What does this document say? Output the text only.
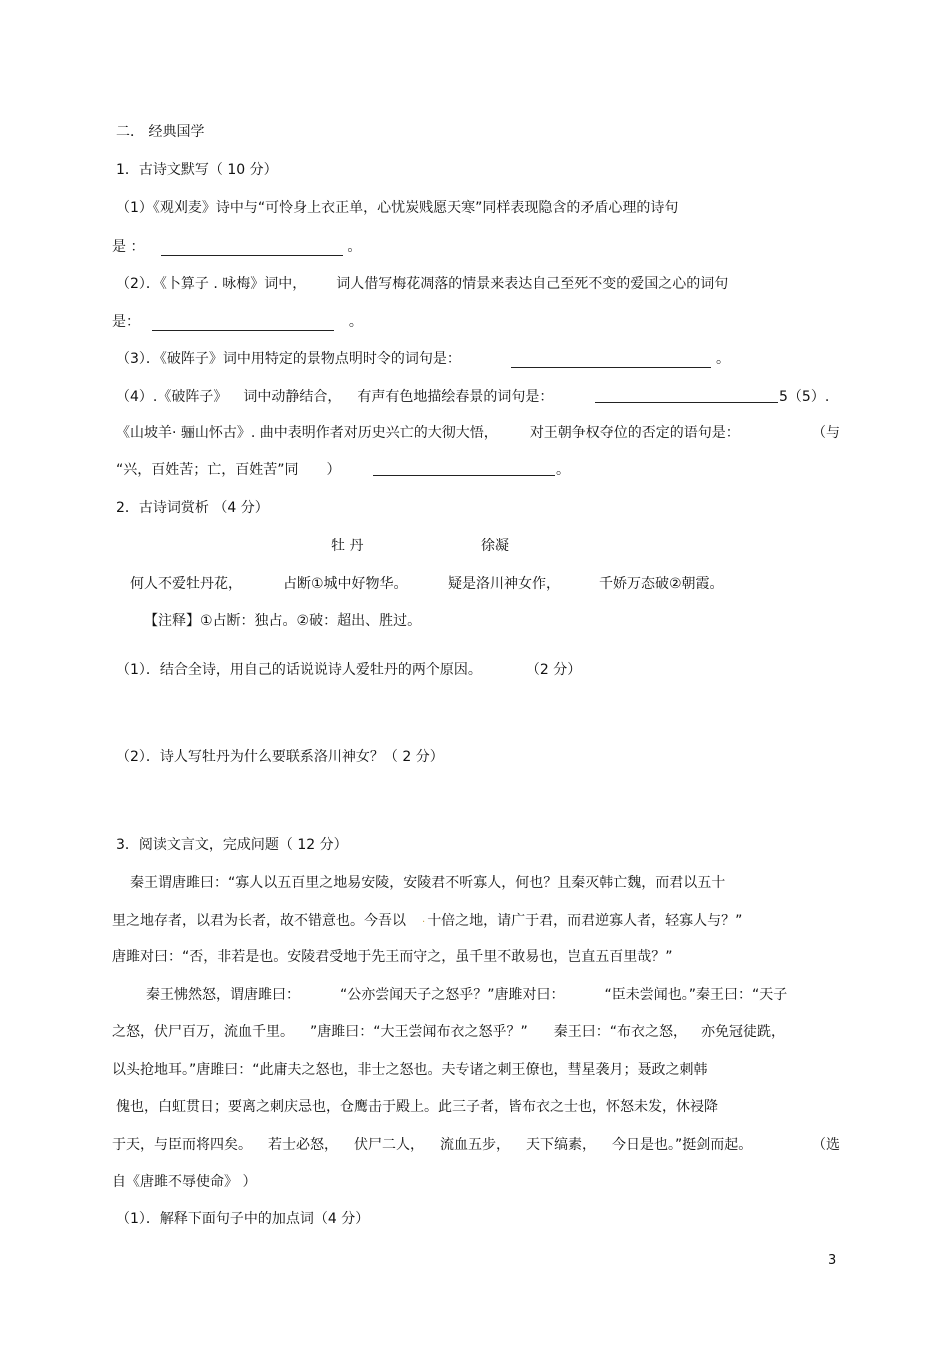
二． 经典国学
1．古诗文默写（ 10 分）
（1）《观刈麦》诗中与“可怜身上衣正单，心忧炭贱愿天寒”同样表现隐含的矛盾心理的诗句
是 ：	。
（2）．《卜算子 . 咏梅》词中， 词人借写梅花凋落的情景来表达自己至死不变的爱国之心的词句
是：	。
（3）．《破阵子》词中用特定的景物点明时令的词句是：	。
（4）.《破阵子》 词中动静结合， 有声有色地描绘春景的词句是：	5（5）.
《山坡羊· 骊山怀古》. 曲中表明作者对历史兴亡的大彻大悟， 对王朝争权夺位的否定的语句是：	（与
“兴，百姓苦；亡，百姓苦”同 ）	。
2．古诗词赏析 （4 分）
牡 丹	徐凝
何人不爱牡丹花，	占断①城中好物华。	疑是洛川神女作，	千娇万态破②朝霞。
【注释】①占断：独占。②破：超出、胜过。
（1）．结合全诗，用自己的话说说诗人爱牡丹的两个原因。	（2 分）
（2）．诗人写牡丹为什么要联系洛川神女？（ 2 分）
3．阅读文言文，完成问题（ 12 分）
秦王谓唐雎曰：“寡人以五百里之地易安陵，安陵君不听寡人，何也？且秦灭韩亡魏，而君以五十
里之地存者，以君为长者，故不错意也。今吾以 · 十倍之地，请广于君，而君逆寡人者，轻寡人与？”
唐雎对曰：“否，非若是也。安陵君受地于先王而守之，虽千里不敢易也，岂直五百里哉？”
秦王怫然怒，谓唐雎曰：	“公亦尝闻天子之怒乎？”唐雎对曰：	“臣未尝闻也。”秦王曰：“天子
之怒，伏尸百万，流血千里。 ”唐雎曰：“大王尝闻布衣之怒乎？” 秦王曰：“布衣之怒， 亦免冠徒跣，
以头抢地耳。”唐雎曰：“此庸夫之怒也，非士之怒也。夫专诸之刺王僚也，彗星袭月；聂政之刺韩
傀也，白虹贯日；要离之刺庆忌也，仓鹰击于殿上。此三子者，皆布衣之士也，怀怒未发，休祲降
于天，与臣而将四矣。 若士必怒， 伏尸二人， 流血五步， 天下缟素， 今日是也。”挺剑而起。	（选
自《唐雎不辱使命》 ）
（1）．解释下面句子中的加点词（4 分）
3
